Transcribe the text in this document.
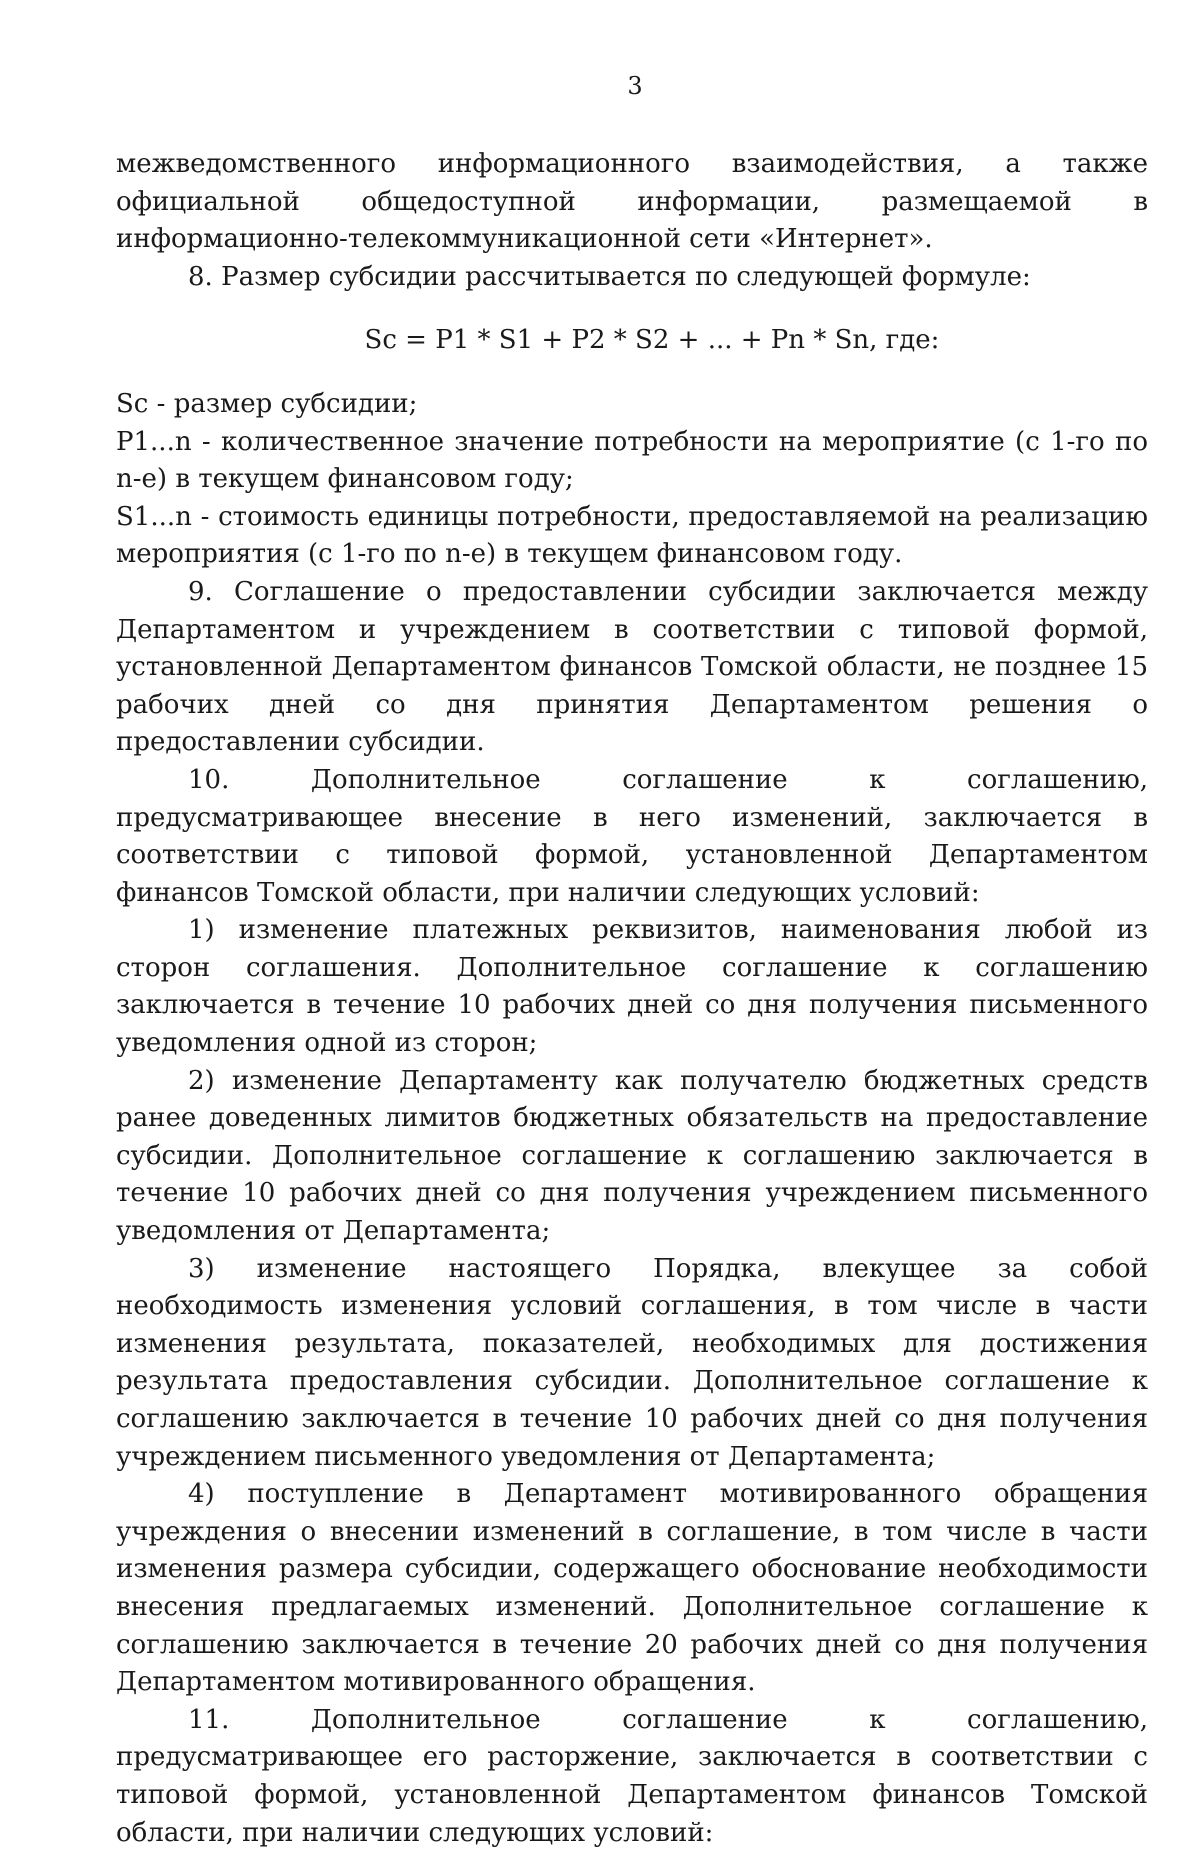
3

межведомственного информационного взаимодействия, а также официальной общедоступной информации, размещаемой в информационно-телекоммуникационной сети «Интернет».

8. Размер субсидии рассчитывается по следующей формуле:

Sc = P1 * S1 + P2 * S2 + ... + Pn * Sn, где:

Sc - размер субсидии;

P1...n - количественное значение потребности на мероприятие (с 1-го по n-е) в текущем финансовом году;

S1...n - стоимость единицы потребности, предоставляемой на реализацию мероприятия (с 1-го по n-е) в текущем финансовом году.

9. Соглашение о предоставлении субсидии заключается между Департаментом и учреждением в соответствии с типовой формой, установленной Департаментом финансов Томской области, не позднее 15 рабочих дней со дня принятия Департаментом решения о предоставлении субсидии.

10. Дополнительное соглашение к соглашению, предусматривающее внесение в него изменений, заключается в соответствии с типовой формой, установленной Департаментом финансов Томской области, при наличии следующих условий:

1) изменение платежных реквизитов, наименования любой из сторон соглашения. Дополнительное соглашение к соглашению заключается в течение 10 рабочих дней со дня получения письменного уведомления одной из сторон;

2) изменение Департаменту как получателю бюджетных средств ранее доведенных лимитов бюджетных обязательств на предоставление субсидии. Дополнительное соглашение к соглашению заключается в течение 10 рабочих дней со дня получения учреждением письменного уведомления от Департамента;

3) изменение настоящего Порядка, влекущее за собой необходимость изменения условий соглашения, в том числе в части изменения результата, показателей, необходимых для достижения результата предоставления субсидии. Дополнительное соглашение к соглашению заключается в течение 10 рабочих дней со дня получения учреждением письменного уведомления от Департамента;

4) поступление в Департамент мотивированного обращения учреждения о внесении изменений в соглашение, в том числе в части изменения размера субсидии, содержащего обоснование необходимости внесения предлагаемых изменений. Дополнительное соглашение к соглашению заключается в течение 20 рабочих дней со дня получения Департаментом мотивированного обращения.

11. Дополнительное соглашение к соглашению, предусматривающее его расторжение, заключается в соответствии с типовой формой, установленной Департаментом финансов Томской области, при наличии следующих условий:
